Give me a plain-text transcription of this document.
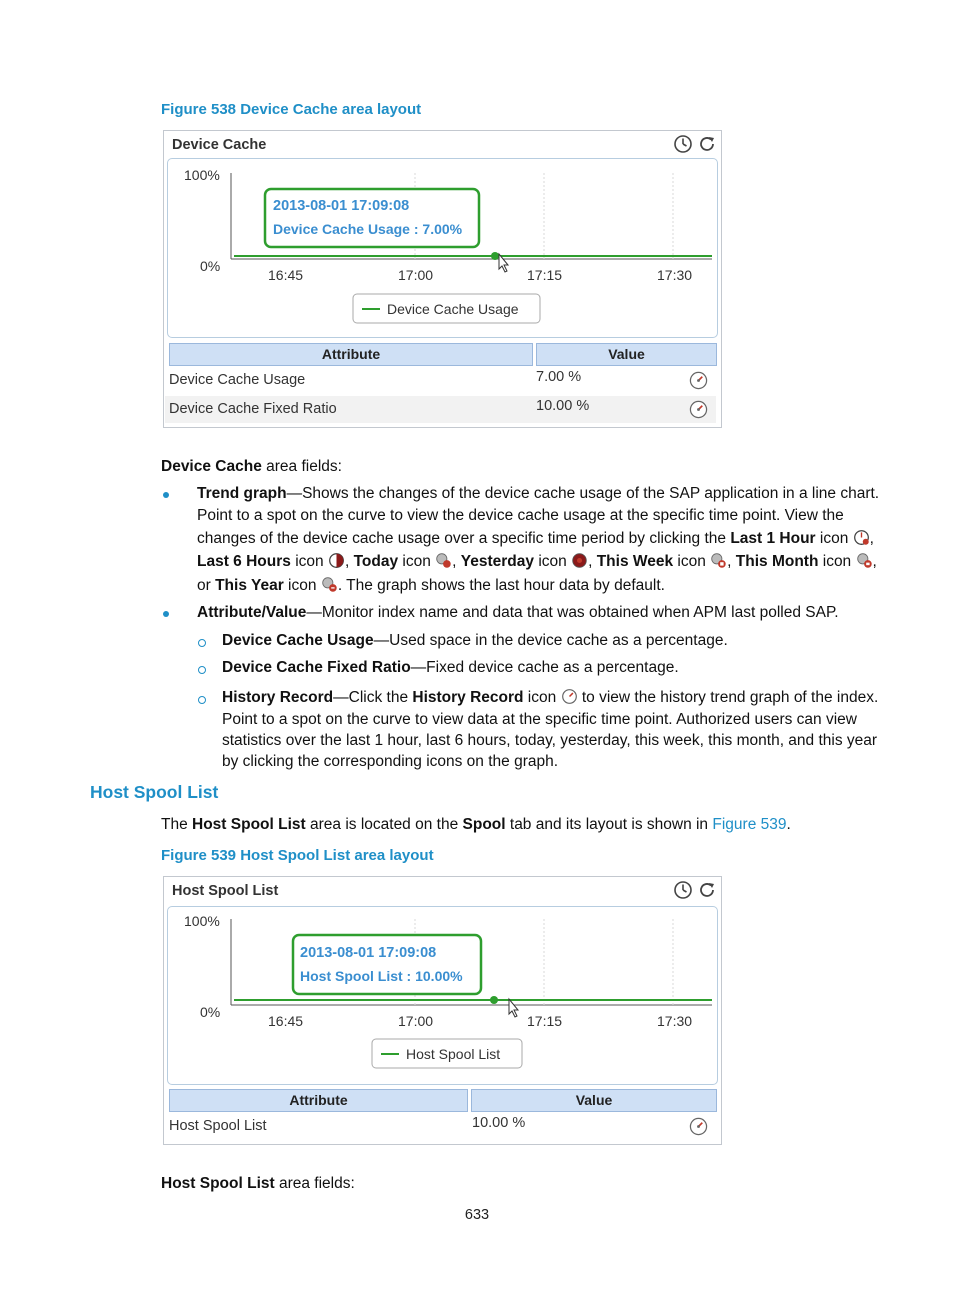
Figure 538 Device Cache area layout
Device Cache
100%
0%
16:45	17:00	17:15	17:30
2013-08-01 17:09:08
Device Cache Usage : 7.00%
Device Cache Usage
Attribute	Value
Device Cache Usage	7.00 %
Device Cache Fixed Ratio	10.00 %
Device Cache area fields:
Trend graph—Shows the changes of the device cache usage of the SAP application in a line chart.
Point to a spot on the curve to view the device cache usage at the specific time point. View the
changes of the device cache usage over a specific time period by clicking the Last 1 Hour icon ,
Last 6 Hours icon , Today icon , Yesterday icon , This Week icon , This Month icon ,
or This Year icon . The graph shows the last hour data by default.
Attribute/Value—Monitor index name and data that was obtained when APM last polled SAP.
Device Cache Usage—Used space in the device cache as a percentage.
Device Cache Fixed Ratio—Fixed device cache as a percentage.
History Record—Click the History Record icon  to view the history trend graph of the index.
Point to a spot on the curve to view data at the specific time point. Authorized users can view
statistics over the last 1 hour, last 6 hours, today, yesterday, this week, this month, and this year
by clicking the corresponding icons on the graph.
Host Spool List
The Host Spool List area is located on the Spool tab and its layout is shown in Figure 539.
Figure 539 Host Spool List area layout
Host Spool List
100%
0%
16:45	17:00	17:15	17:30
2013-08-01 17:09:08
Host Spool List : 10.00%
Host Spool List
Attribute	Value
Host Spool List	10.00 %
Host Spool List area fields:
633
